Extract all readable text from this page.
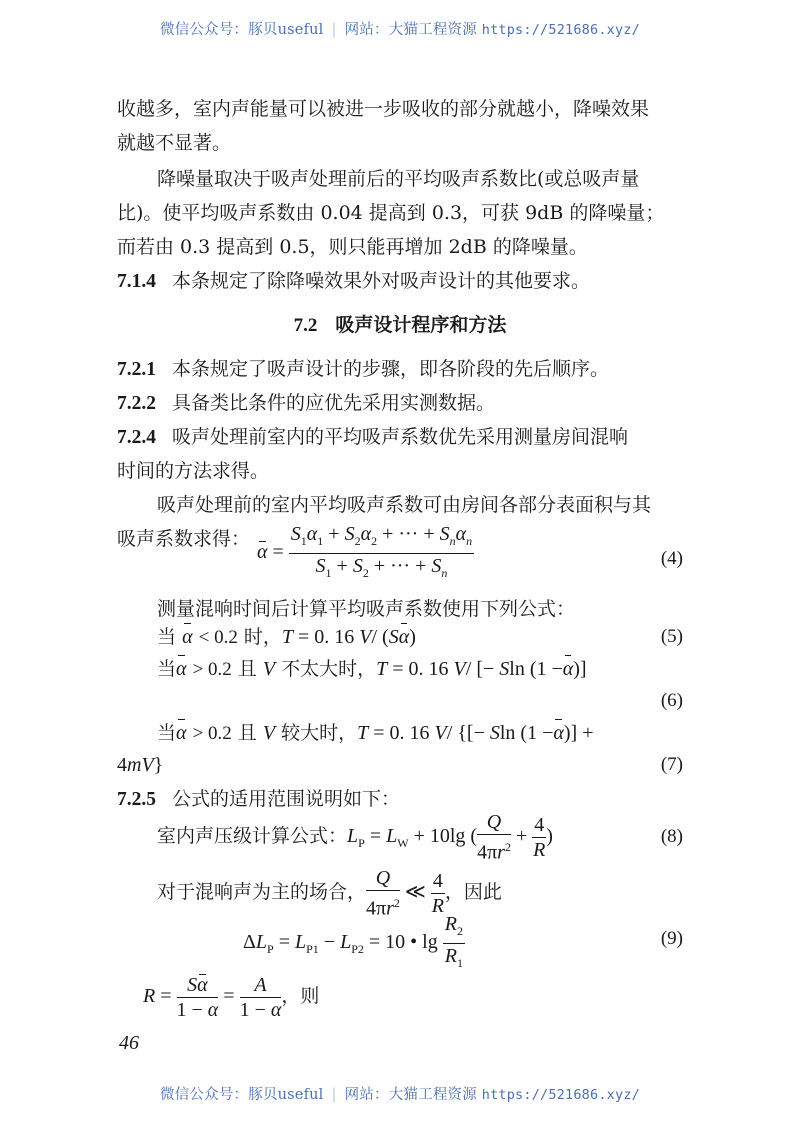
微信公众号：豚贝useful | 网站：大猫工程资源 https://521686.xyz/
收越多，室内声能量可以被进一步吸收的部分就越小，降噪效果
就越不显著。
降噪量取决于吸声处理前后的平均吸声系数比(或总吸声量
比)。使平均吸声系数由 0.04 提高到 0.3，可获 9dB 的降噪量；
而若由 0.3 提高到 0.5，则只能再增加 2dB 的降噪量。
7.1.4 本条规定了除降噪效果外对吸声设计的其他要求。
7.2 吸声设计程序和方法
7.2.1 本条规定了吸声设计的步骤，即各阶段的先后顺序。
7.2.2 具备类比条件的应优先采用实测数据。
7.2.4 吸声处理前室内的平均吸声系数优先采用测量房间混响
时间的方法求得。
吸声处理前的室内平均吸声系数可由房间各部分表面积与其
吸声系数求得：
$\alpha = \frac{S_1\alpha_1 + S_2\alpha_2 + \cdot\cdot\cdot + S_n\alpha_n}{S_1 + S_2 + \cdot\cdot\cdot + S_n}$	(4)
测量混响时间后计算平均吸声系数使用下列公式：
当 α < 0.2 时，T = 0. 16 V/ (Sα)	(5)
当α > 0.2 且 V 不太大时，T = 0. 16 V/ [− Sln (1 −α)]
(6)
当α > 0.2 且 V 较大时，T = 0. 16 V/ {[− Sln (1 −α)] +
4mV}	(7)
7.2.5 公式的适用范围说明如下：
室内声压级计算公式：$L_P = L_W + 10\lg$ ( $\frac{Q}{4\pi r^2} + \frac{4}{R}$ )	(8)
对于混响声为主的场合， $\frac{Q}{4\pi r^2}$ ≪ $\frac{4}{R}$ ，因此
$\Delta L_P = L_{P1} - L_{P2} = 10$ • $\lg \frac{R_2}{R_1}$	(9)
$R = \frac{S\alpha}{1 - \alpha} = \frac{A}{1 - \alpha}$ ，则
46
微信公众号：豚贝useful | 网站：大猫工程资源 https://521686.xyz/
